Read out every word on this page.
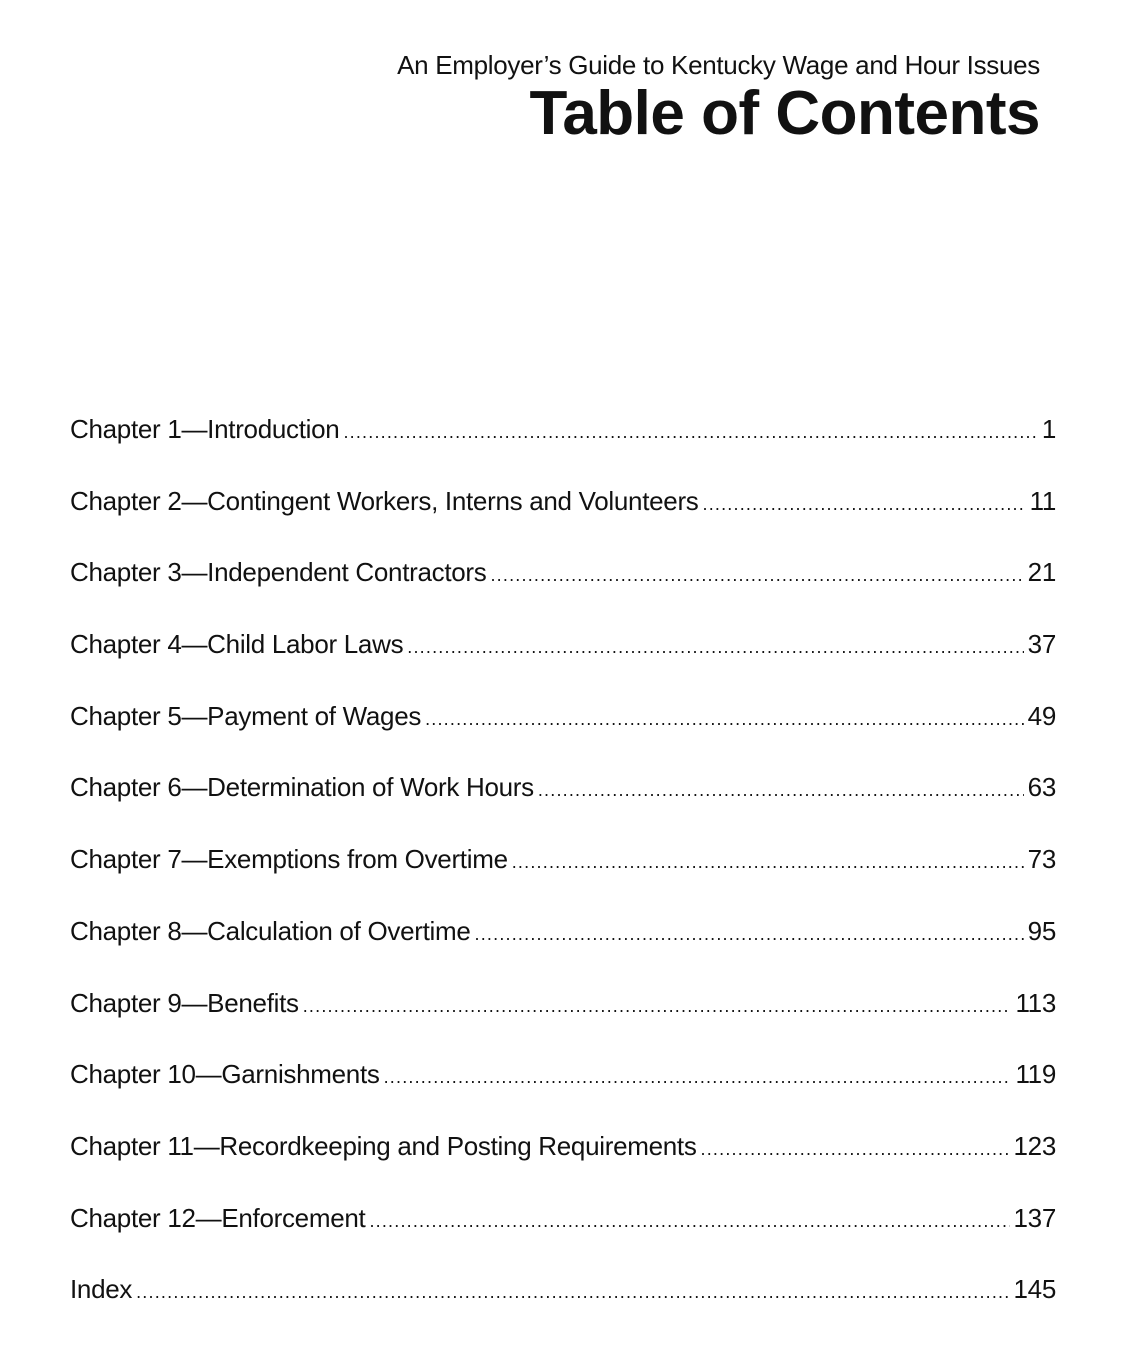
An Employer’s Guide to Kentucky Wage and Hour Issues
Table of Contents
Chapter 1—Introduction .....	1
Chapter 2—Contingent Workers, Interns and Volunteers .....	11
Chapter 3—Independent Contractors .....	21
Chapter 4—Child Labor Laws .....	37
Chapter 5—Payment of Wages .....	49
Chapter 6—Determination of Work Hours .....	63
Chapter 7—Exemptions from Overtime .....	73
Chapter 8—Calculation of Overtime .....	95
Chapter 9—Benefits .....	113
Chapter 10—Garnishments .....	119
Chapter 11—Recordkeeping and Posting Requirements .....	123
Chapter 12—Enforcement .....	137
Index .....	145
